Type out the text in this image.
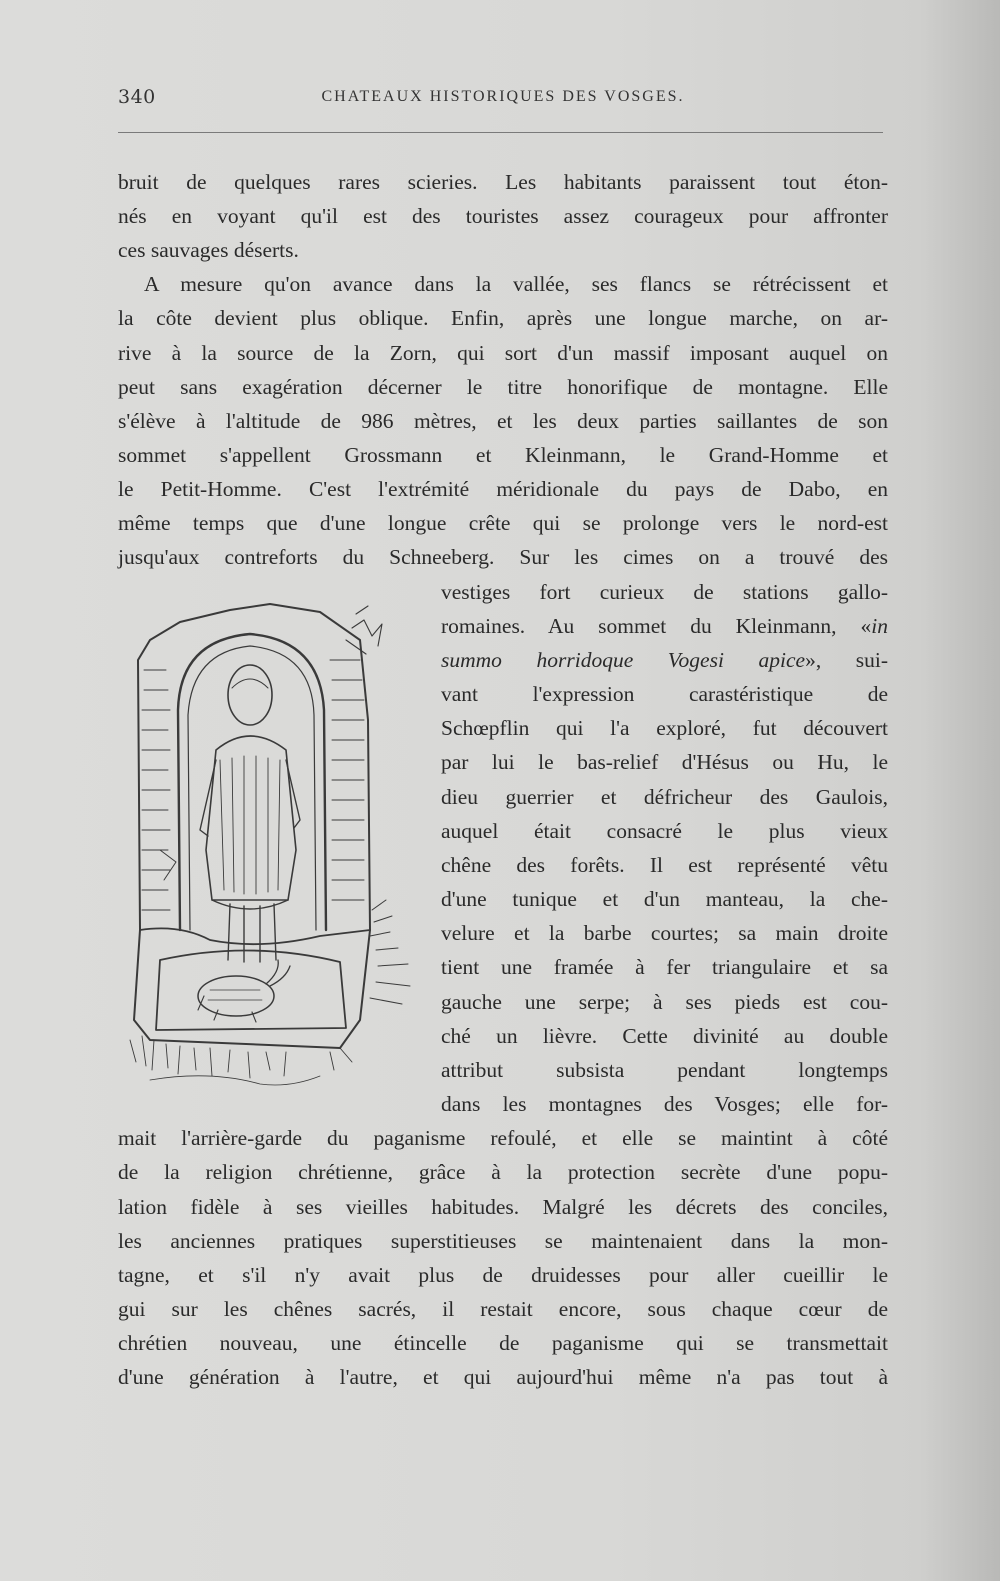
340	CHATEAUX HISTORIQUES DES VOSGES.
bruit de quelques rares scieries. Les habitants paraissent tout éton-
nés en voyant qu'il est des touristes assez courageux pour affronter
ces sauvages déserts.
A mesure qu'on avance dans la vallée, ses flancs se rétrécissent et
la côte devient plus oblique. Enfin, après une longue marche, on ar-
rive à la source de la Zorn, qui sort d'un massif imposant auquel on
peut sans exagération décerner le titre honorifique de montagne. Elle
s'élève à l'altitude de 986 mètres, et les deux parties saillantes de son
sommet s'appellent Grossmann et Kleinmann, le Grand-Homme et
le Petit-Homme. C'est l'extrémité méridionale du pays de Dabo, en
même temps que d'une longue crête qui se prolonge vers le nord-est
jusqu'aux contreforts du Schneeberg. Sur les cimes on a trouvé des
vestiges fort curieux de stations gallo-
romaines. Au sommet du Kleinmann, «in
summo horridoque Vogesi apice», sui-
vant l'expression carastéristique de
Schœpflin qui l'a exploré, fut découvert
par lui le bas-relief d'Hésus ou Hu, le
dieu guerrier et défricheur des Gaulois,
auquel était consacré le plus vieux
chêne des forêts. Il est représenté vêtu
d'une tunique et d'un manteau, la che-
velure et la barbe courtes; sa main droite
tient une framée à fer triangulaire et sa
gauche une serpe; à ses pieds est cou-
ché un lièvre. Cette divinité au double
attribut subsista pendant longtemps
dans les montagnes des Vosges; elle for-
mait l'arrière-garde du paganisme refoulé, et elle se maintint à côté
de la religion chrétienne, grâce à la protection secrète d'une popu-
lation fidèle à ses vieilles habitudes. Malgré les décrets des conciles,
les anciennes pratiques superstitieuses se maintenaient dans la mon-
tagne, et s'il n'y avait plus de druidesses pour aller cueillir le
gui sur les chênes sacrés, il restait encore, sous chaque cœur de
chrétien nouveau, une étincelle de paganisme qui se transmettait
d'une génération à l'autre, et qui aujourd'hui même n'a pas tout à
